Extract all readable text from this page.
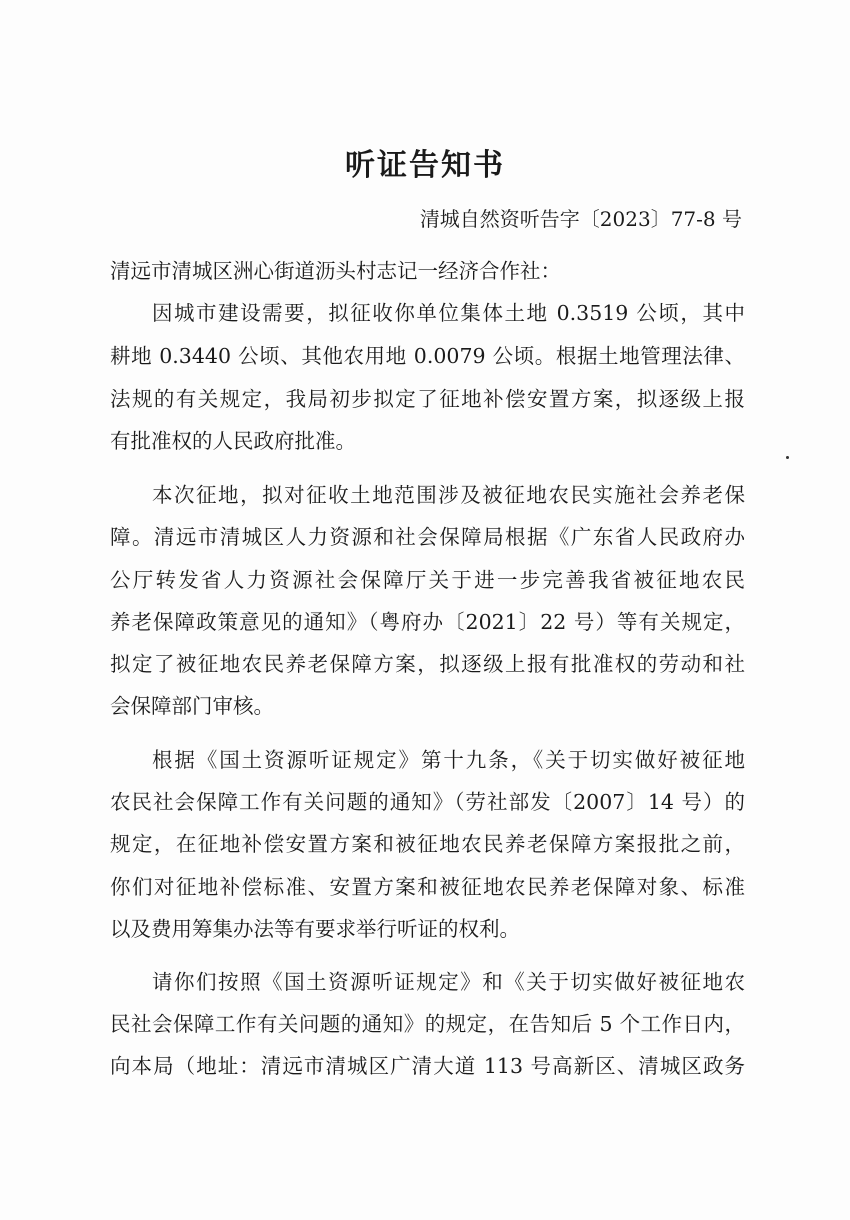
听证告知书
清城自然资听告字〔2023〕77-8 号
清远市清城区洲心街道沥头村志记一经济合作社：
因城市建设需要，拟征收你单位集体土地 0.3519 公顷，其中
耕地 0.3440 公顷、其他农用地 0.0079 公顷。根据土地管理法律、
法规的有关规定，我局初步拟定了征地补偿安置方案，拟逐级上报
有批准权的人民政府批准。
本次征地，拟对征收土地范围涉及被征地农民实施社会养老保
障。清远市清城区人力资源和社会保障局根据《广东省人民政府办
公厅转发省人力资源社会保障厅关于进一步完善我省被征地农民
养老保障政策意见的通知》（粤府办〔2021〕22 号）等有关规定，
拟定了被征地农民养老保障方案，拟逐级上报有批准权的劳动和社
会保障部门审核。
根据《国土资源听证规定》第十九条，《关于切实做好被征地
农民社会保障工作有关问题的通知》（劳社部发〔2007〕14 号）的
规定，在征地补偿安置方案和被征地农民养老保障方案报批之前，
你们对征地补偿标准、安置方案和被征地农民养老保障对象、标准
以及费用筹集办法等有要求举行听证的权利。
请你们按照《国土资源听证规定》和《关于切实做好被征地农
民社会保障工作有关问题的通知》的规定，在告知后 5 个工作日内，
向本局（地址：清远市清城区广清大道 113 号高新区、清城区政务
